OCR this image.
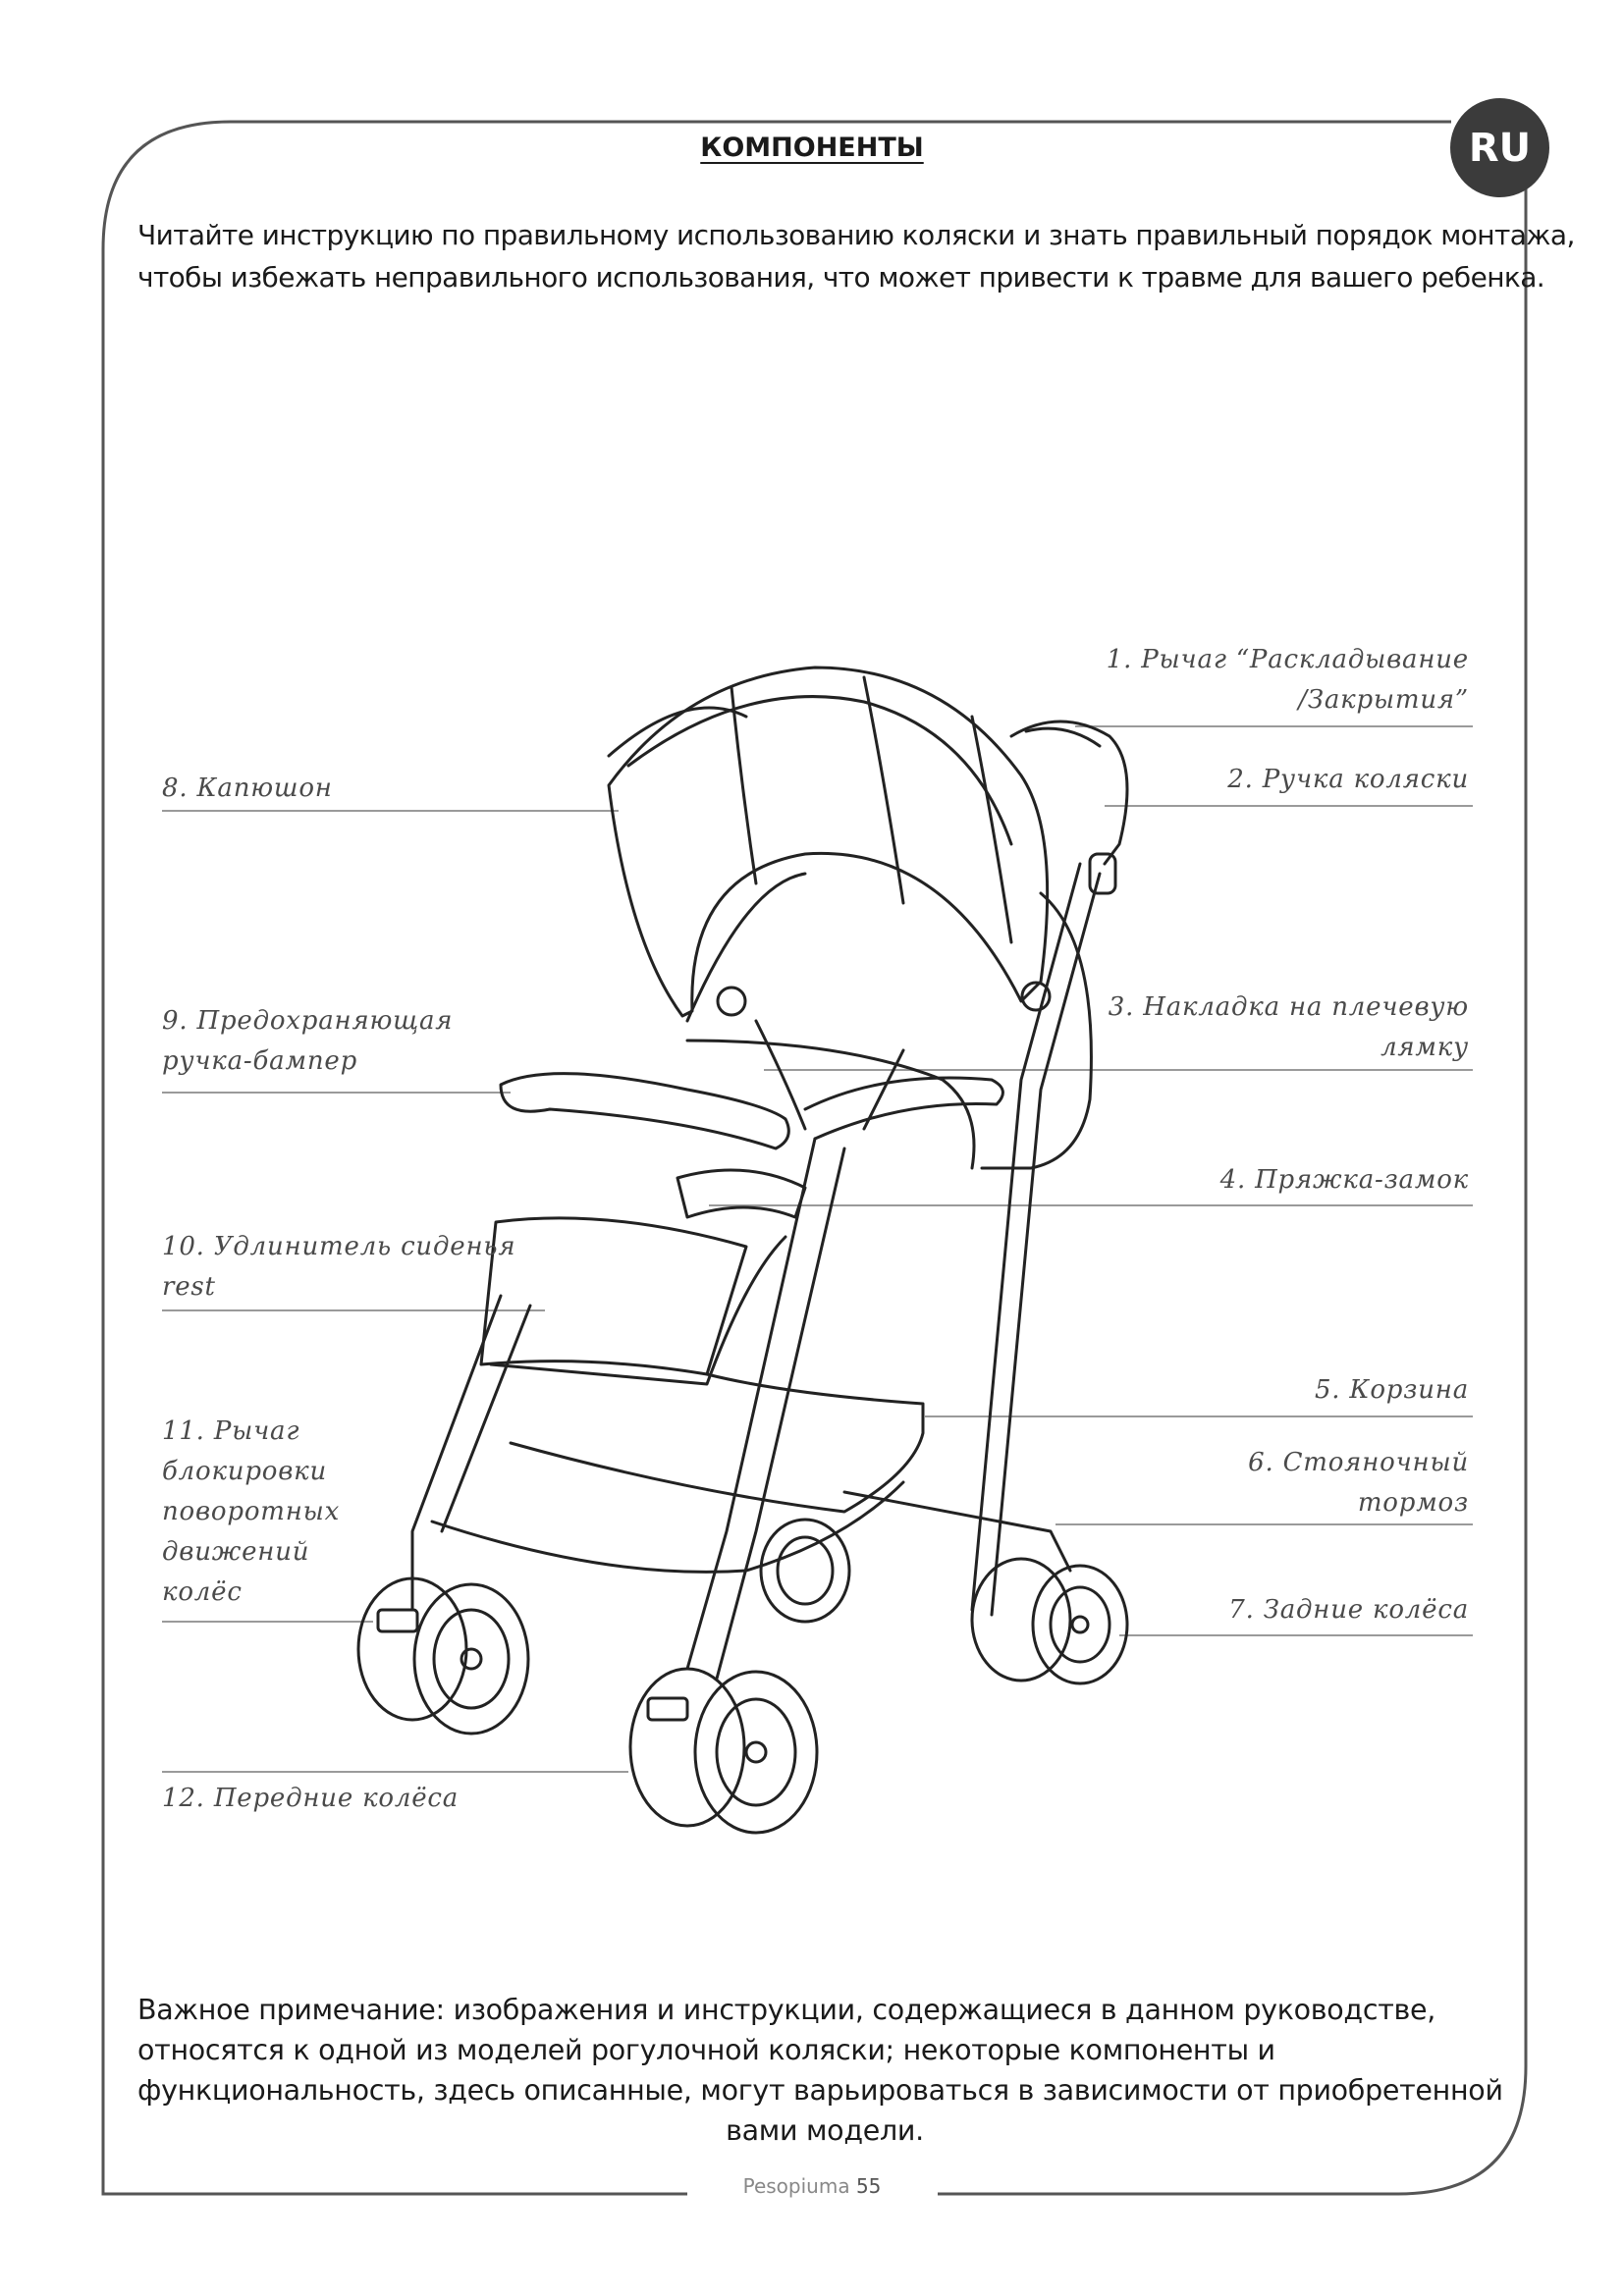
RU
КОМПОНЕНТЫ

Читайте инструкцию по правильному использованию коляски и знать правильный порядок монтажа,

чтобы избежать неправильного использования, что может привести к травме для вашего ребенка.

1. Рычаг “Раскладывание

/Закрытия”

2. Ручка коляски

3. Накладка на плечевую

лямку

4. Пряжка-замок

5. Корзина

6. Стояночный

тормоз

7. Задние колёса

8. Капюшон

9. Предохраняющая

ручка-бампер

10. Удлинитель сиденья

rest

11. Рычаг

блокировки

поворотных

движений

колёс

12. Передние колёса

Важное примечание: изображения и инструкции, содержащиеся в данном руководстве,

относятся к одной из моделей рогулочной коляски; некоторые компоненты и

функциональность, здесь описанные, могут варьироваться в зависимости от приобретенной

вами модели.

Pesopiuma 55
